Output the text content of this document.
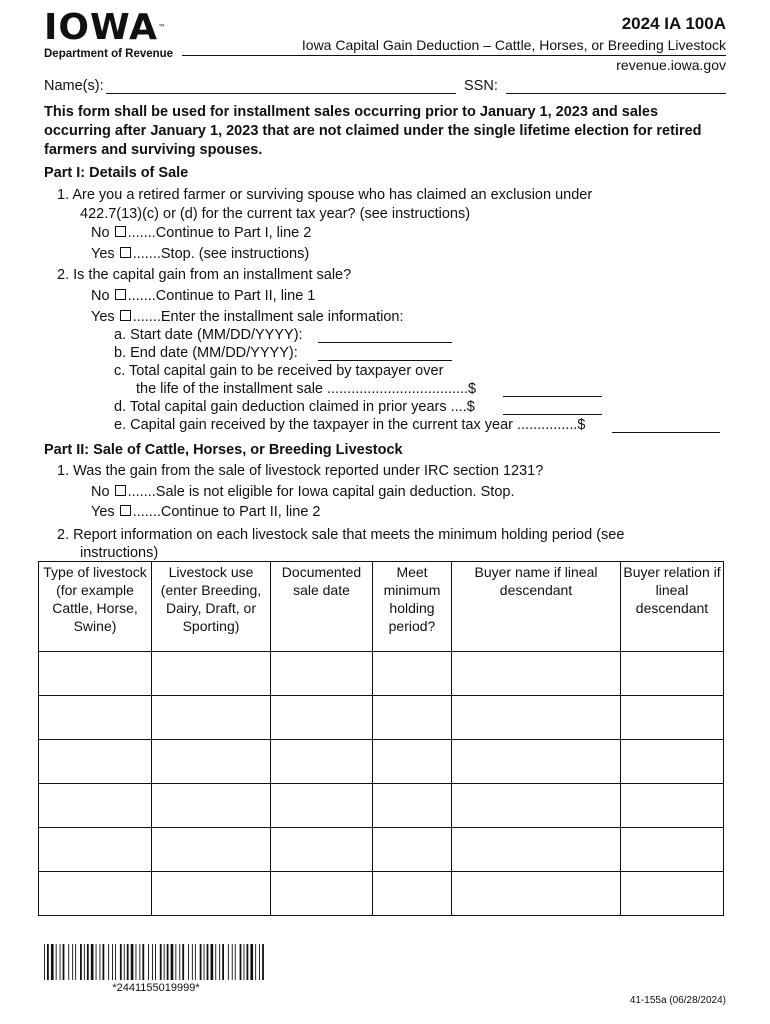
IOWA™
Department of Revenue
2024 IA 100A
Iowa Capital Gain Deduction – Cattle, Horses, or Breeding Livestock
revenue.iowa.gov
Name(s):	SSN:
This form shall be used for installment sales occurring prior to January 1, 2023 and sales occurring after January 1, 2023 that are not claimed under the single lifetime election for retired farmers and surviving spouses.
Part I: Details of Sale
1. Are you a retired farmer or surviving spouse who has claimed an exclusion under
422.7(13)(c) or (d) for the current tax year? (see instructions)
No .......Continue to Part I, line 2
Yes .......Stop. (see instructions)
2. Is the capital gain from an installment sale?
No .......Continue to Part II, line 1
Yes .......Enter the installment sale information:
a. Start date (MM/DD/YYYY):
b. End date (MM/DD/YYYY):
c. Total capital gain to be received by taxpayer over
the life of the installment sale ...................................$
d. Total capital gain deduction claimed in prior years ....$
e. Capital gain received by the taxpayer in the current tax year ...............$
Part II: Sale of Cattle, Horses, or Breeding Livestock
1. Was the gain from the sale of livestock reported under IRC section 1231?
No .......Sale is not eligible for Iowa capital gain deduction. Stop.
Yes .......Continue to Part II, line 2
2. Report information on each livestock sale that meets the minimum holding period (see
instructions)
Type of livestock (for example Cattle, Horse, Swine)	Livestock use (enter Breeding, Dairy, Draft, or Sporting)	Documented sale date	Meet minimum holding period?	Buyer name if lineal descendant	Buyer relation if lineal descendant

*2441155019999*
41-155a (06/28/2024)
